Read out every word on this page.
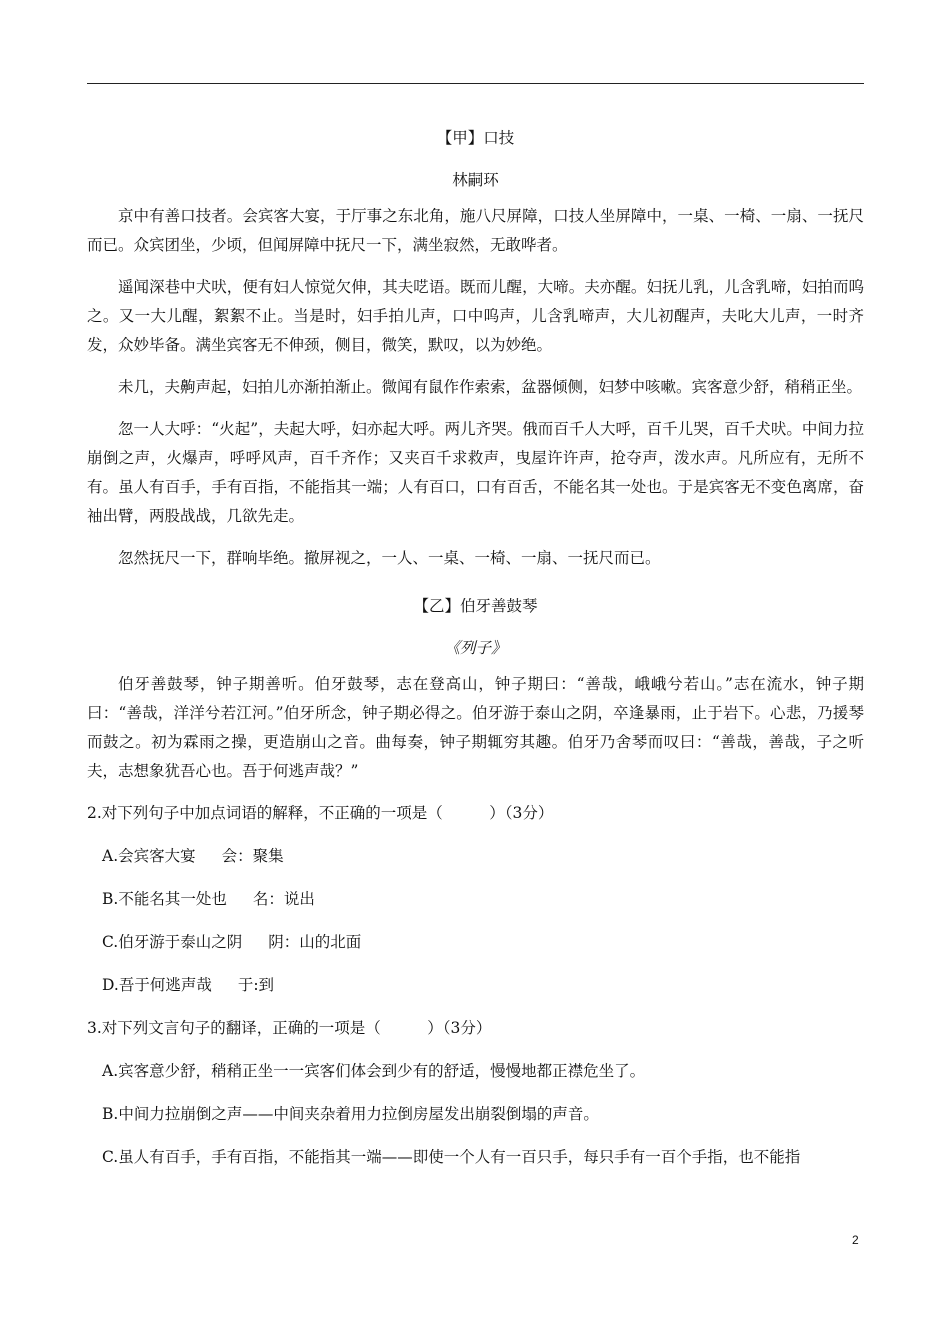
【甲】口技
林嗣环

京中有善口技者。会宾客大宴，于厅事之东北角，施八尺屏障，口技人坐屏障中，一桌、一椅、一扇、一抚尺而已。众宾团坐，少顷，但闻屏障中抚尺一下，满坐寂然，无敢哗者。

遥闻深巷中犬吠，便有妇人惊觉欠伸，其夫呓语。既而儿醒，大啼。夫亦醒。妇抚儿乳，儿含乳啼，妇拍而呜之。又一大儿醒，絮絮不止。当是时，妇手拍儿声，口中呜声，儿含乳啼声，大儿初醒声，夫叱大儿声，一时齐发，众妙毕备。满坐宾客无不伸颈，侧目，微笑，默叹，以为妙绝。

未几，夫齁声起，妇拍儿亦渐拍渐止。微闻有鼠作作索索，盆器倾侧，妇梦中咳嗽。宾客意少舒，稍稍正坐。

忽一人大呼：“火起”，夫起大呼，妇亦起大呼。两儿齐哭。俄而百千人大呼，百千儿哭，百千犬吠。中间力拉崩倒之声，火爆声，呼呼风声，百千齐作；又夹百千求救声，曳屋许许声，抢夺声，泼水声。凡所应有，无所不有。虽人有百手，手有百指，不能指其一端；人有百口，口有百舌，不能名其一处也。于是宾客无不变色离席，奋袖出臂，两股战战，几欲先走。

忽然抚尺一下，群响毕绝。撤屏视之，一人、一桌、一椅、一扇、一抚尺而已。

【乙】伯牙善鼓琴
《列子》

伯牙善鼓琴，钟子期善听。伯牙鼓琴，志在登高山，钟子期曰：“善哉，峨峨兮若山。”志在流水，钟子期曰：“善哉，洋洋兮若江河。”伯牙所念，钟子期必得之。伯牙游于泰山之阴，卒逢暴雨，止于岩下。心悲，乃援琴而鼓之。初为霖雨之操，更造崩山之音。曲每奏，钟子期辄穷其趣。伯牙乃舍琴而叹曰：“善哉，善哉，子之听夫，志想象犹吾心也。吾于何逃声哉？”

2.对下列句子中加点词语的解释，不正确的一项是（　　　）（3分）
A.会宾客大宴 会：聚集
B.不能名其一处也 名：说出
C.伯牙游于泰山之阴 阴：山的北面
D.吾于何逃声哉 于:到
3.对下列文言句子的翻译，正确的一项是（　　　）（3分）
A.宾客意少舒，稍稍正坐一一宾客们体会到少有的舒适，慢慢地都正襟危坐了。
B.中间力拉崩倒之声——中间夹杂着用力拉倒房屋发出崩裂倒塌的声音。
C.虽人有百手，手有百指，不能指其一端——即使一个人有一百只手，每只手有一百个手指，也不能指
2
